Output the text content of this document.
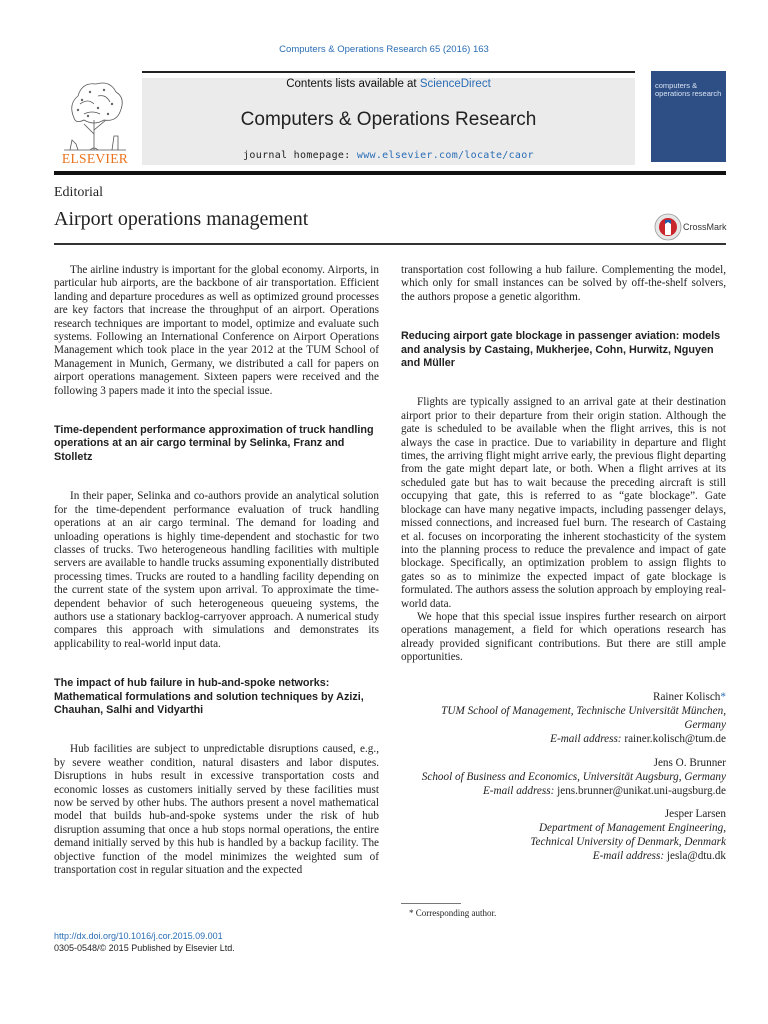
Computers & Operations Research 65 (2016) 163
Contents lists available at ScienceDirect
Computers & Operations Research
journal homepage: www.elsevier.com/locate/caor
ELSEVIER
computers & operations research
Editorial
Airport operations management	CrossMark

The airline industry is important for the global economy. Airports, in particular hub airports, are the backbone of air transportation. Efficient landing and departure procedures as well as optimized ground processes are key factors that increase the throughput of an airport. Operations research techniques are important to model, optimize and evaluate such systems. Following an International Conference on Airport Operations Management which took place in the year 2012 at the TUM School of Management in Munich, Germany, we distributed a call for papers on airport operations management. Sixteen papers were received and the following 3 papers made it into the special issue.

Time-dependent performance approximation of truck handling operations at an air cargo terminal by Selinka, Franz and Stolletz

In their paper, Selinka and co-authors provide an analytical solution for the time-dependent performance evaluation of truck handling operations at an air cargo terminal. The demand for loading and unloading operations is highly time-dependent and stochastic for two classes of trucks. Two heterogeneous handling facilities with multiple servers are available to handle trucks assuming exponentially distributed processing times. Trucks are routed to a handling facility depending on the current state of the system upon arrival. To approximate the time-dependent behavior of such heterogeneous queueing systems, the authors use a stationary backlog-carryover approach. A numerical study compares this approach with simulations and demonstrates its applicability to real-world input data.

The impact of hub failure in hub-and-spoke networks: Mathematical formulations and solution techniques by Azizi, Chauhan, Salhi and Vidyarthi

Hub facilities are subject to unpredictable disruptions caused, e.g., by severe weather condition, natural disasters and labor disputes. Disruptions in hubs result in excessive transportation costs and economic losses as customers initially served by these facilities must now be served by other hubs. The authors present a novel mathematical model that builds hub-and-spoke systems under the risk of hub disruption assuming that once a hub stops normal operations, the entire demand initially served by this hub is handled by a backup facility. The objective function of the model minimizes the weighted sum of transportation cost in regular situation and the expected

transportation cost following a hub failure. Complementing the model, which only for small instances can be solved by off-the-shelf solvers, the authors propose a genetic algorithm.

Reducing airport gate blockage in passenger aviation: models and analysis by Castaing, Mukherjee, Cohn, Hurwitz, Nguyen and Müller

Flights are typically assigned to an arrival gate at their destination airport prior to their departure from their origin station. Although the gate is scheduled to be available when the flight arrives, this is not always the case in practice. Due to variability in departure and flight times, the arriving flight might arrive early, the previous flight departing from the gate might depart late, or both. When a flight arrives at its scheduled gate but has to wait because the preceding aircraft is still occupying that gate, this is referred to as “gate blockage”. Gate blockage can have many negative impacts, including passenger delays, missed connections, and increased fuel burn. The research of Castaing et al. focuses on incorporating the inherent stochasticity of the system into the planning process to reduce the prevalence and impact of gate blockage. Specifically, an optimization problem to assign flights to gates so as to minimize the expected impact of gate blockage is formulated. The authors assess the solution approach by employing real-world data.

We hope that this special issue inspires further research on airport operations management, a field for which operations research has already provided significant contributions. But there are still ample opportunities.

Rainer Kolisch*
TUM School of Management, Technische Universität München,
Germany
E-mail address: rainer.kolisch@tum.de
Jens O. Brunner
School of Business and Economics, Universität Augsburg, Germany
E-mail address: jens.brunner@unikat.uni-augsburg.de
Jesper Larsen
Department of Management Engineering,
Technical University of Denmark, Denmark
E-mail address: jesla@dtu.dk
* Corresponding author.
http://dx.doi.org/10.1016/j.cor.2015.09.001
0305-0548/© 2015 Published by Elsevier Ltd.
